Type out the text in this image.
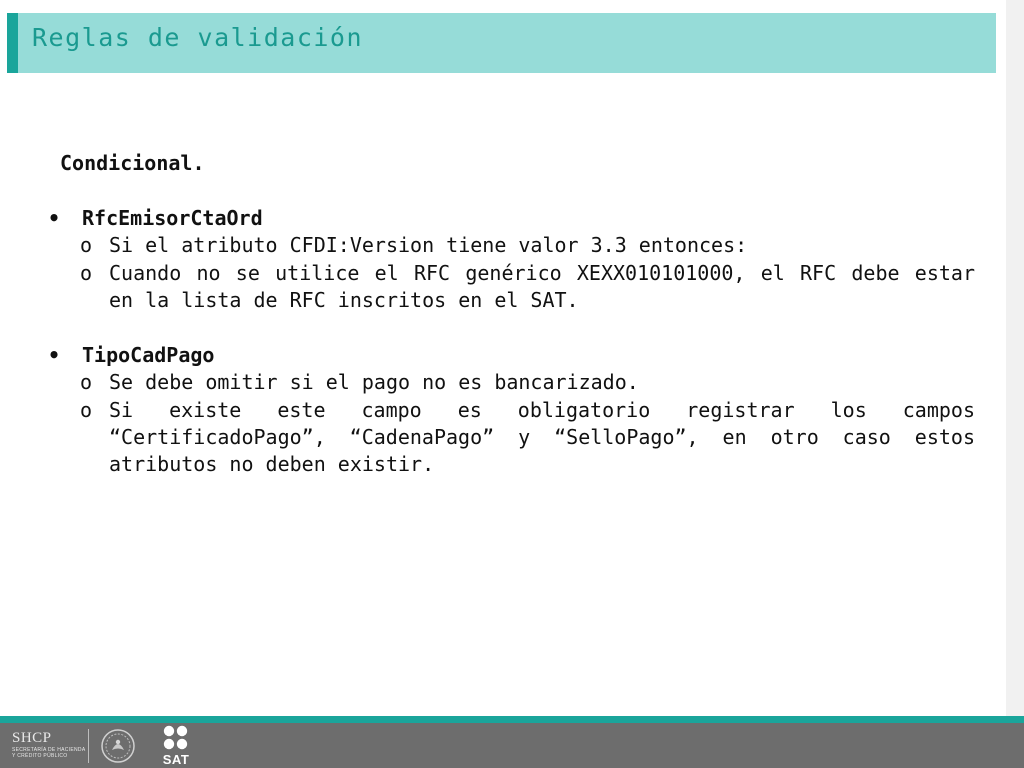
Reglas de validación
Condicional.
• RfcEmisorCtaOrd
o Si el atributo CFDI:Version tiene valor 3.3 entonces:
o Cuando no se utilice el RFC genérico XEXX010101000, el RFC debe estar en la lista de RFC inscritos en el SAT.
• TipoCadPago
o Se debe omitir si el pago no es bancarizado.
o Si existe este campo es obligatorio registrar los campos “CertificadoPago”, “CadenaPago” y “SelloPago”, en otro caso estos atributos no deben existir.
SHCP
SECRETARÍA DE HACIENDA
Y CRÉDITO PÚBLICO	SAT
